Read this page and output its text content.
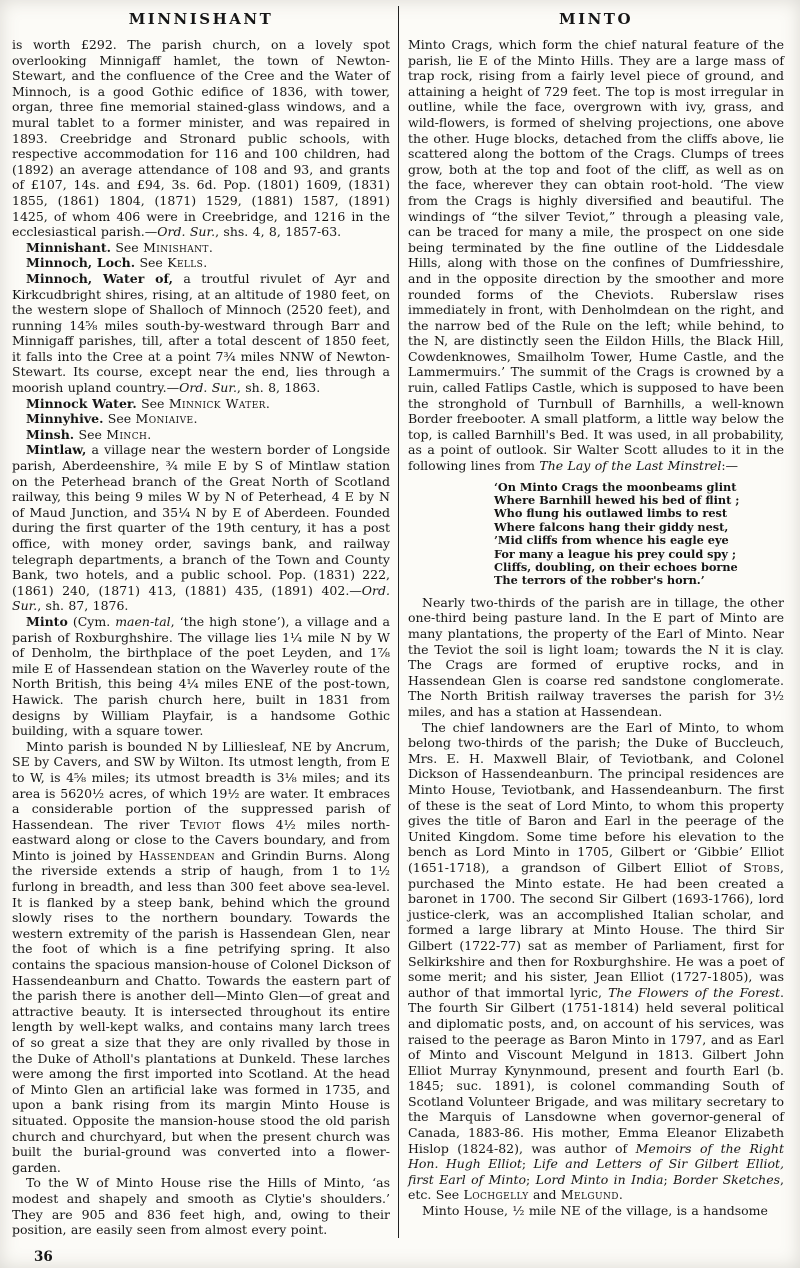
MINNISHANT

is worth £292. The parish church, on a lovely spot overlooking Minnigaff hamlet, the town of Newton-Stewart, and the confluence of the Cree and the Water of Minnoch, is a good Gothic edifice of 1836, with tower, organ, three fine memorial stained-glass windows, and a mural tablet to a former minister, and was repaired in 1893. Creebridge and Stronard public schools, with respective accommodation for 116 and 100 children, had (1892) an average attendance of 108 and 93, and grants of £107, 14s. and £94, 3s. 6d. Pop. (1801) 1609, (1831) 1855, (1861) 1804, (1871) 1529, (1881) 1587, (1891) 1425, of whom 406 were in Creebridge, and 1216 in the ecclesiastical parish.—Ord. Sur., shs. 4, 8, 1857-63.

Minnishant. See Minishant.

Minnoch, Loch. See Kells.

Minnoch, Water of, a troutful rivulet of Ayr and Kirkcudbright shires, rising, at an altitude of 1980 feet, on the western slope of Shalloch of Minnoch (2520 feet), and running 14⅝ miles south-by-westward through Barr and Minnigaff parishes, till, after a total descent of 1850 feet, it falls into the Cree at a point 7¾ miles NNW of Newton-Stewart. Its course, except near the end, lies through a moorish upland country.—Ord. Sur., sh. 8, 1863.

Minnock Water. See Minnick Water.

Minnyhive. See Moniaive.

Minsh. See Minch.

Mintlaw, a village near the western border of Longside parish, Aberdeenshire, ¾ mile E by S of Mintlaw station on the Peterhead branch of the Great North of Scotland railway, this being 9 miles W by N of Peterhead, 4 E by N of Maud Junction, and 35¼ N by E of Aberdeen. Founded during the first quarter of the 19th century, it has a post office, with money order, savings bank, and railway telegraph departments, a branch of the Town and County Bank, two hotels, and a public school. Pop. (1831) 222, (1861) 240, (1871) 413, (1881) 435, (1891) 402.—Ord. Sur., sh. 87, 1876.

Minto (Cym. maen-tal, ‘the high stone’), a village and a parish of Roxburghshire. The village lies 1¼ mile N by W of Denholm, the birthplace of the poet Leyden, and 1⅞ mile E of Hassendean station on the Waverley route of the North British, this being 4¼ miles ENE of the post-town, Hawick. The parish church here, built in 1831 from designs by William Playfair, is a handsome Gothic building, with a square tower.

Minto parish is bounded N by Lilliesleaf, NE by Ancrum, SE by Cavers, and SW by Wilton. Its utmost length, from E to W, is 4⅝ miles; its utmost breadth is 3⅛ miles; and its area is 5620½ acres, of which 19½ are water. It embraces a considerable portion of the suppressed parish of Hassendean. The river Teviot flows 4½ miles north-eastward along or close to the Cavers boundary, and from Minto is joined by Hassendean and Grindin Burns. Along the riverside extends a strip of haugh, from 1 to 1½ furlong in breadth, and less than 300 feet above sea-level. It is flanked by a steep bank, behind which the ground slowly rises to the northern boundary. Towards the western extremity of the parish is Hassendean Glen, near the foot of which is a fine petrifying spring. It also contains the spacious mansion-house of Colonel Dickson of Hassendeanburn and Chatto. Towards the eastern part of the parish there is another dell—Minto Glen—of great and attractive beauty. It is intersected throughout its entire length by well-kept walks, and contains many larch trees of so great a size that they are only rivalled by those in the Duke of Atholl's plantations at Dunkeld. These larches were among the first imported into Scotland. At the head of Minto Glen an artificial lake was formed in 1735, and upon a bank rising from its margin Minto House is situated. Opposite the mansion-house stood the old parish church and churchyard, but when the present church was built the burial-ground was converted into a flower-garden.

To the W of Minto House rise the Hills of Minto, ‘as modest and shapely and smooth as Clytie's shoulders.’ They are 905 and 836 feet high, and, owing to their position, are easily seen from almost every point.

MINTO

Minto Crags, which form the chief natural feature of the parish, lie E of the Minto Hills. They are a large mass of trap rock, rising from a fairly level piece of ground, and attaining a height of 729 feet. The top is most irregular in outline, while the face, overgrown with ivy, grass, and wild-flowers, is formed of shelving projections, one above the other. Huge blocks, detached from the cliffs above, lie scattered along the bottom of the Crags. Clumps of trees grow, both at the top and foot of the cliff, as well as on the face, wherever they can obtain root-hold. ‘The view from the Crags is highly diversified and beautiful. The windings of “the silver Teviot,” through a pleasing vale, can be traced for many a mile, the prospect on one side being terminated by the fine outline of the Liddesdale Hills, along with those on the confines of Dumfriesshire, and in the opposite direction by the smoother and more rounded forms of the Cheviots. Ruberslaw rises immediately in front, with Denholmdean on the right, and the narrow bed of the Rule on the left; while behind, to the N, are distinctly seen the Eildon Hills, the Black Hill, Cowdenknowes, Smailholm Tower, Hume Castle, and the Lammermuirs.’ The summit of the Crags is crowned by a ruin, called Fatlips Castle, which is supposed to have been the stronghold of Turnbull of Barnhills, a well-known Border freebooter. A small platform, a little way below the top, is called Barnhill's Bed. It was used, in all probability, as a point of outlook. Sir Walter Scott alludes to it in the following lines from The Lay of the Last Minstrel:—

‘On Minto Crags the moonbeams glint
Where Barnhill hewed his bed of flint ;
Who flung his outlawed limbs to rest
Where falcons hang their giddy nest,
’Mid cliffs from whence his eagle eye
For many a league his prey could spy ;
Cliffs, doubling, on their echoes borne
The terrors of the robber's horn.’

Nearly two-thirds of the parish are in tillage, the other one-third being pasture land. In the E part of Minto are many plantations, the property of the Earl of Minto. Near the Teviot the soil is light loam; towards the N it is clay. The Crags are formed of eruptive rocks, and in Hassendean Glen is coarse red sandstone conglomerate. The North British railway traverses the parish for 3½ miles, and has a station at Hassendean.

The chief landowners are the Earl of Minto, to whom belong two-thirds of the parish; the Duke of Buccleuch, Mrs. E. H. Maxwell Blair, of Teviotbank, and Colonel Dickson of Hassendeanburn. The principal residences are Minto House, Teviotbank, and Hassendeanburn. The first of these is the seat of Lord Minto, to whom this property gives the title of Baron and Earl in the peerage of the United Kingdom. Some time before his elevation to the bench as Lord Minto in 1705, Gilbert or ‘Gibbie’ Elliot (1651-1718), a grandson of Gilbert Elliot of Stobs, purchased the Minto estate. He had been created a baronet in 1700. The second Sir Gilbert (1693-1766), lord justice-clerk, was an accomplished Italian scholar, and formed a large library at Minto House. The third Sir Gilbert (1722-77) sat as member of Parliament, first for Selkirkshire and then for Roxburghshire. He was a poet of some merit; and his sister, Jean Elliot (1727-1805), was author of that immortal lyric, The Flowers of the Forest. The fourth Sir Gilbert (1751-1814) held several political and diplomatic posts, and, on account of his services, was raised to the peerage as Baron Minto in 1797, and as Earl of Minto and Viscount Melgund in 1813. Gilbert John Elliot Murray Kynynmound, present and fourth Earl (b. 1845; suc. 1891), is colonel commanding South of Scotland Volunteer Brigade, and was military secretary to the Marquis of Lansdowne when governor-general of Canada, 1883-86. His mother, Emma Eleanor Elizabeth Hislop (1824-82), was author of Memoirs of the Right Hon. Hugh Elliot; Life and Letters of Sir Gilbert Elliot, first Earl of Minto; Lord Minto in India; Border Sketches, etc. See Lochgelly and Melgund.

Minto House, ½ mile NE of the village, is a handsome

36
